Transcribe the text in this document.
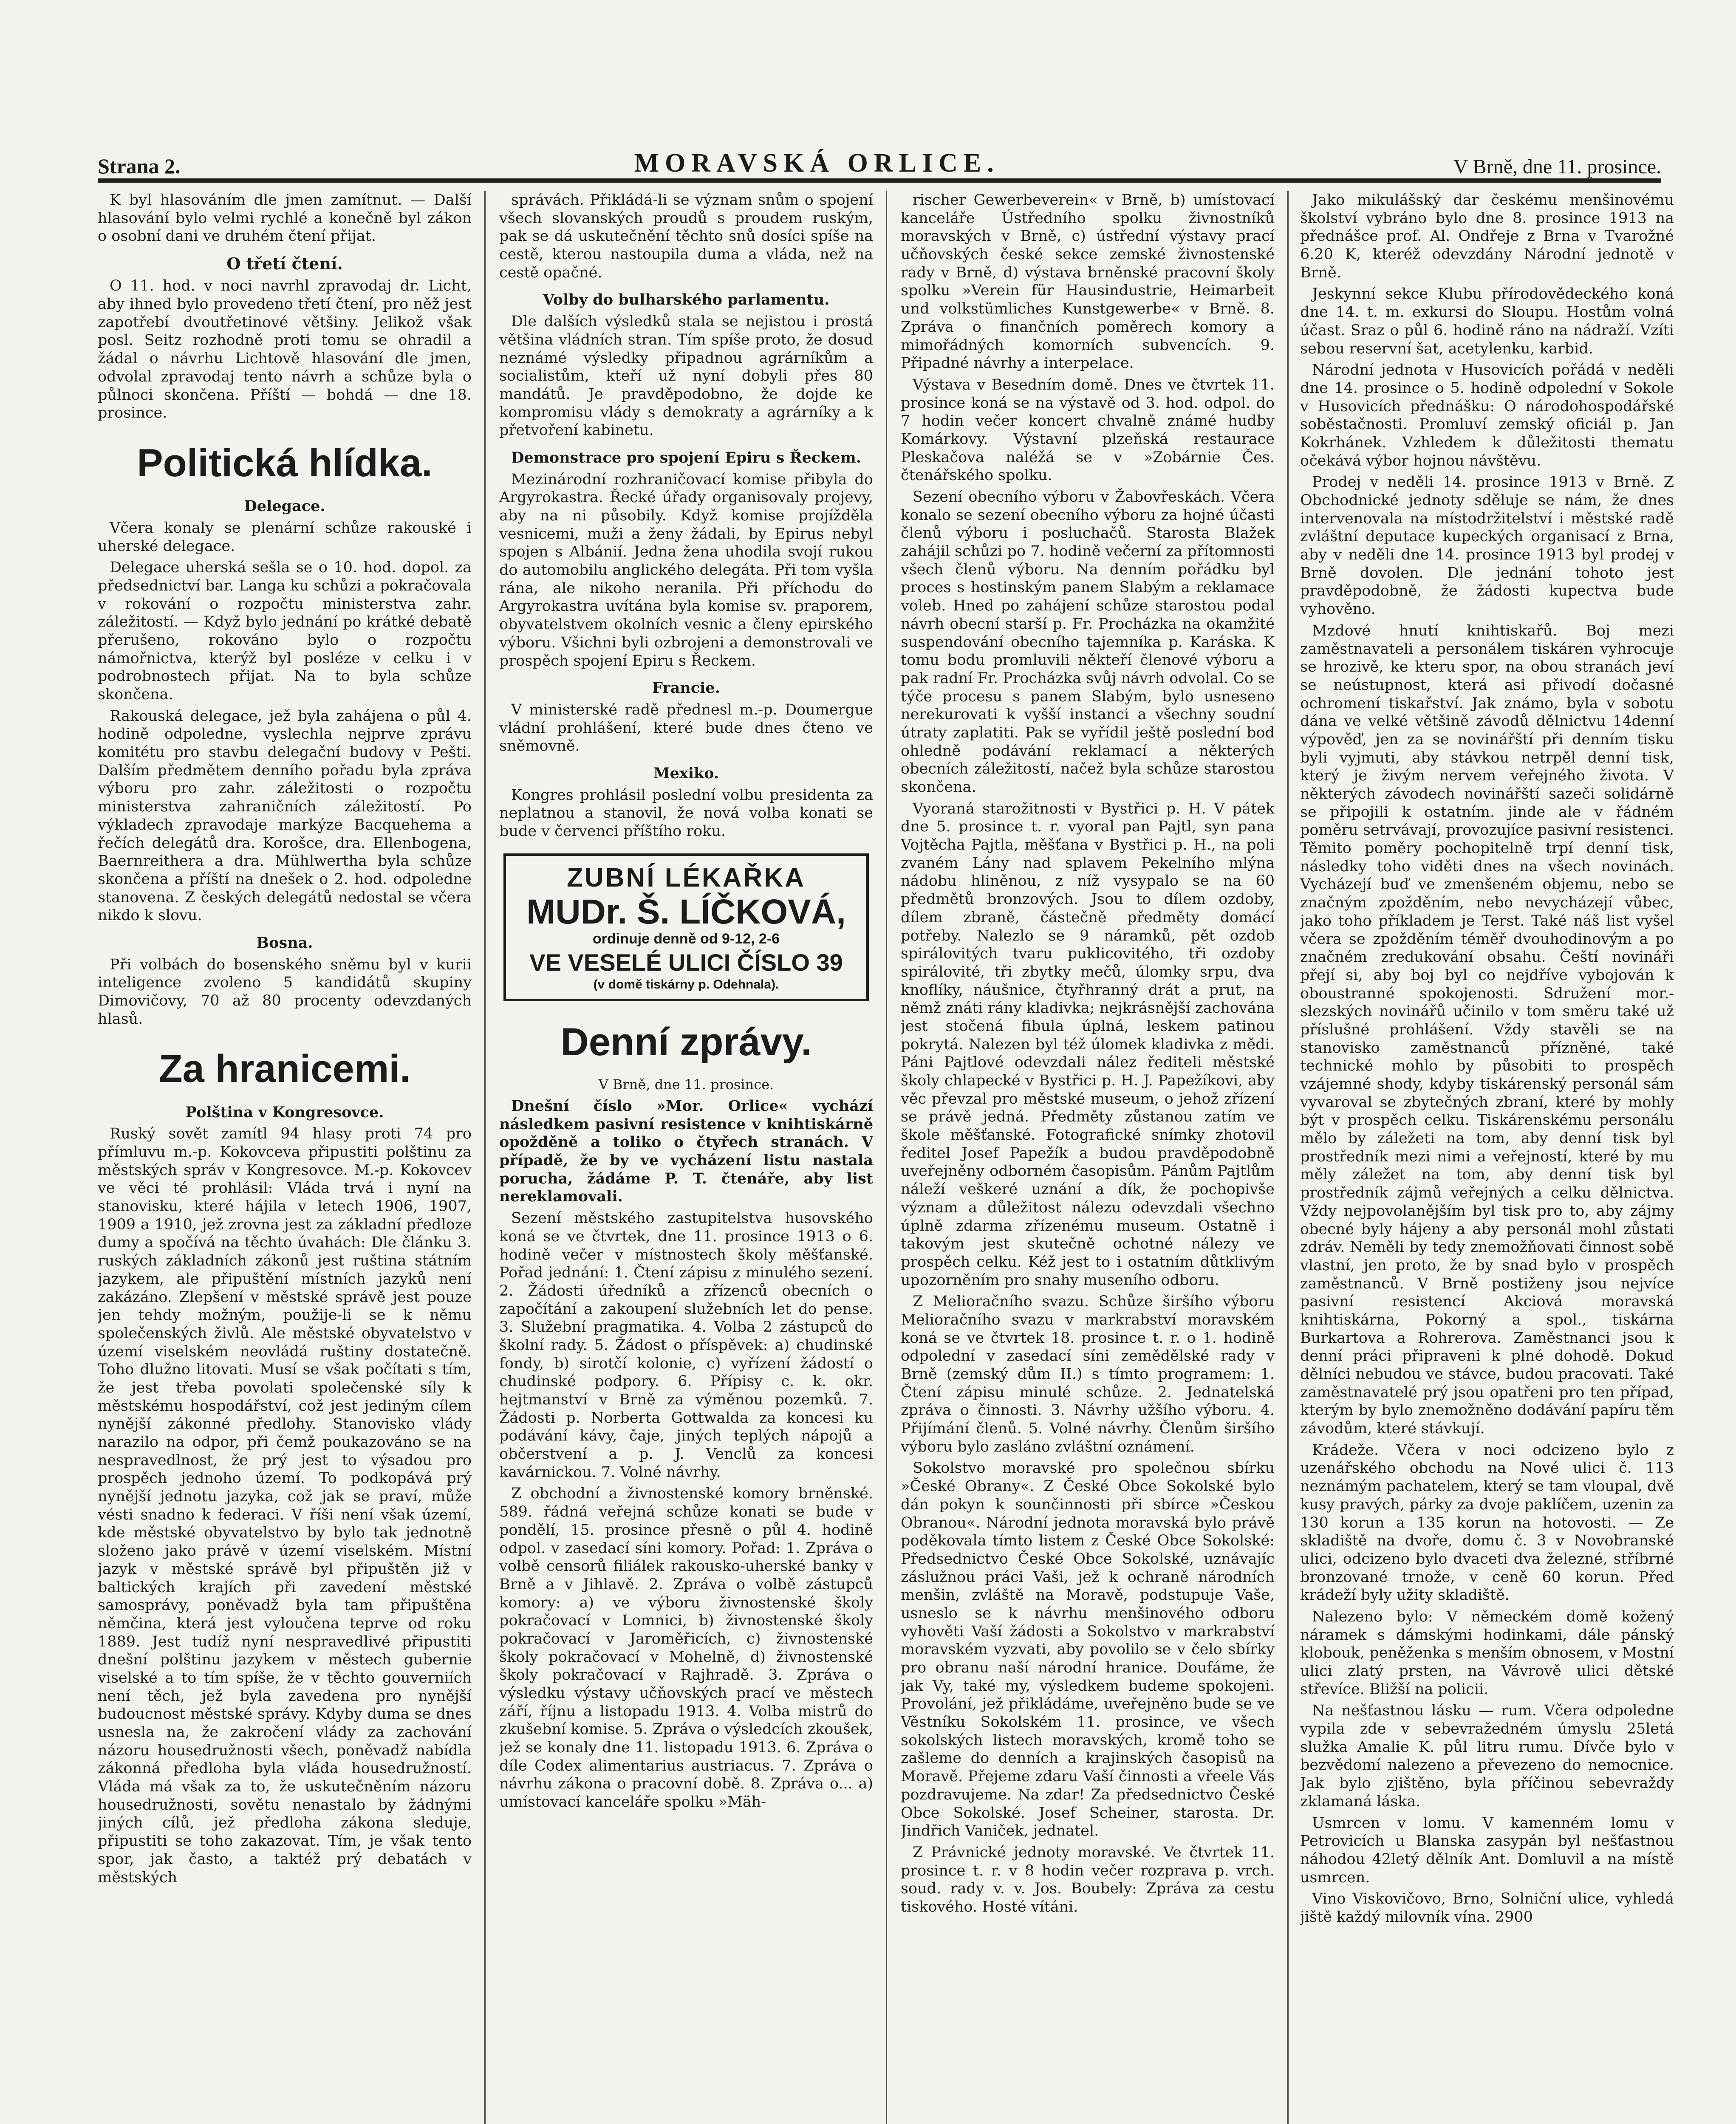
Strana 2.	MORAVSKÁ ORLICE.	V Brně, dne 11. prosince.

K byl hlasováním dle jmen zamítnut. — Další hlasování bylo velmi rychlé a konečně byl zákon o osobní dani ve druhém čtení přijat.

O třetí čtení.

O 11. hod. v noci navrhl zpravodaj dr. Licht, aby ihned bylo provedeno třetí čtení, pro něž jest zapotřebí dvoutřetinové většiny. Jelikož však posl. Seitz rozhodně proti tomu se ohradil a žádal o návrhu Lichtově hlasování dle jmen, odvolal zpravodaj tento návrh a schůze byla o půlnoci skončena. Příští — bohdá — dne 18. prosince.

Politická hlídka.
Delegace.

Včera konaly se plenární schůze rakouské i uherské delegace.

Delegace uherská sešla se o 10. hod. dopol. za předsednictví bar. Langa ku schůzi a pokračovala v rokování o rozpočtu ministerstva zahr. záležitostí. — Když bylo jednání po krátké debatě přerušeno, rokováno bylo o rozpočtu námořnictva, kterýž byl posléze v celku i v podrobnostech přijat. Na to byla schůze skončena.

Rakouská delegace, jež byla zahájena o půl 4. hodině odpoledne, vyslechla nejprve zprávu komitétu pro stavbu delegační budovy v Pešti. Dalším předmětem denního pořadu byla zpráva výboru pro zahr. záležitosti o rozpočtu ministerstva zahraničních záležitostí. Po výkladech zpravodaje markýze Bacquehema a řečích delegátů dra. Korošce, dra. Ellenbogena, Baernreithera a dra. Mühlwertha byla schůze skončena a příští na dnešek o 2. hod. odpoledne stanovena. Z českých delegátů nedostal se včera nikdo k slovu.

Bosna.

Při volbách do bosenského sněmu byl v kurii inteligence zvoleno 5 kandidátů skupiny Dimovičovy, 70 až 80 procenty odevzdaných hlasů.

Za hranicemi.
Polština v Kongresovce.

Ruský sovět zamítl 94 hlasy proti 74 pro přímluvu m.-p. Kokovceva připustiti polštinu za městských správ v Kongresovce. M.-p. Kokovcev ve věci té prohlásil: Vláda trvá i nyní na stanovisku, které hájila v letech 1906, 1907, 1909 a 1910, jež zrovna jest za základní předloze dumy a spočívá na těchto úvahách: Dle článku 3. ruských základních zákonů jest ruština státním jazykem, ale připuštění místních jazyků není zakázáno. Zlepšení v městské správě jest pouze jen tehdy možným, použije-li se k němu společenských živlů. Ale městské obyvatelstvo v území viselském neovládá ruštiny dostatečně. Toho dlužno litovati. Musí se však počítati s tím, že jest třeba povolati společenské síly k městskému hospodářství, což jest jediným cílem nynější zákonné předlohy. Stanovisko vlády narazilo na odpor, při čemž poukazováno se na nespravedlnost, že prý jest to výsadou pro prospěch jednoho území. To podkopává prý nynější jednotu jazyka, což jak se praví, může vésti snadno k federaci. V říši není však území, kde městské obyvatelstvo by bylo tak jednotně složeno jako právě v území viselském. Místní jazyk v městské správě byl připuštěn již v baltických krajích při zavedení městské samosprávy, poněvadž byla tam připuštěna němčina, která jest vyloučena teprve od roku 1889. Jest tudíž nyní nespravedlivé připustiti dnešní polštinu jazykem v městech gubernie viselské a to tím spíše, že v těchto gouverniích není těch, jež byla zavedena pro nynější budoucnost městské správy. Kdyby duma se dnes usnesla na, že zakročení vlády za zachování názoru housedružnosti všech, poněvadž nabídla zákonná předloha byla vláda housedružností. Vláda má však za to, že uskutečněním názoru housedružnosti, sovětu nenastalo by žádnými jiných cílů, jež předloha zákona sleduje, připustiti se toho zakazovat. Tím, je však tento spor, jak často, a taktéž prý debatách v městských

správách. Přikládá-li se význam snům o spojení všech slovanských proudů s proudem ruským, pak se dá uskutečnění těchto snů dosíci spíše na cestě, kterou nastoupila duma a vláda, než na cestě opačné.

Volby do bulharského parlamentu.

Dle dalších výsledků stala se nejistou i prostá většina vládních stran. Tím spíše proto, že dosud neznámé výsledky připadnou agrárníkům a socialistům, kteří už nyní dobyli přes 80 mandátů. Je pravděpodobno, že dojde ke kompromisu vlády s demokraty a agrárníky a k přetvoření kabinetu.

Demonstrace pro spojení Epiru s Řeckem.

Mezinárodní rozhraničovací komise přibyla do Argyrokastra. Řecké úřady organisovaly projevy, aby na ni působily. Když komise projížděla vesnicemi, muži a ženy žádali, by Epirus nebyl spojen s Albánií. Jedna žena uhodila svojí rukou do automobilu anglického delegáta. Při tom vyšla rána, ale nikoho neranila. Při příchodu do Argyrokastra uvítána byla komise sv. praporem, obyvatelstvem okolních vesnic a členy epirského výboru. Všichni byli ozbrojeni a demonstrovali ve prospěch spojení Epiru s Řeckem.

Francie.

V ministerské radě přednesl m.-p. Doumergue vládní prohlášení, které bude dnes čteno ve sněmovně.

Mexiko.

Kongres prohlásil poslední volbu presidenta za neplatnou a stanovil, že nová volba konati se bude v červenci příštího roku.

ZUBNÍ LÉKAŘKA
MUDr. Š. LÍČKOVÁ,
ordinuje denně od 9-12, 2-6
VE VESELÉ ULICI ČÍSLO 39
(v domě tiskárny p. Odehnala).
Denní zprávy.
V Brně, dne 11. prosince.

Dnešní číslo »Mor. Orlice« vychází následkem pasivní resistence v knihtiskárně opožděně a toliko o čtyřech stranách. V případě, že by ve vycházení listu nastala porucha, žádáme P. T. čtenáře, aby list nereklamovali.

Sezení městského zastupitelstva husovského koná se ve čtvrtek, dne 11. prosince 1913 o 6. hodině večer v místnostech školy měšťanské. Pořad jednání: 1. Čtení zápisu z minulého sezení. 2. Žádosti úředníků a zřízenců obecních o započítání a zakoupení služebních let do pense. 3. Služební pragmatika. 4. Volba 2 zástupců do školní rady. 5. Žádost o příspěvek: a) chudinské fondy, b) sirotčí kolonie, c) vyřízení žádostí o chudinské podpory. 6. Přípisy c. k. okr. hejtmanství v Brně za výměnou pozemků. 7. Žádosti p. Norberta Gottwalda za koncesi ku podávání kávy, čaje, jiných teplých nápojů a občerstvení a p. J. Venclů za koncesi kavárnickou. 7. Volné návrhy.

Z obchodní a živnostenské komory brněnské. 589. řádná veřejná schůze konati se bude v pondělí, 15. prosince přesně o půl 4. hodině odpol. v zasedací síni komory. Pořad: 1. Zpráva o volbě censorů filiálek rakousko-uherské banky v Brně a v Jihlavě. 2. Zpráva o volbě zástupců komory: a) ve výboru živnostenské školy pokračovací v Lomnici, b) živnostenské školy pokračovací v Jaroměřicích, c) živnostenské školy pokračovací v Mohelně, d) živnostenské školy pokračovací v Rajhradě. 3. Zpráva o výsledku výstavy učňovských prací ve městech září, říjnu a listopadu 1913. 4. Volba mistrů do zkušební komise. 5. Zpráva o výsledcích zkoušek, jež se konaly dne 11. listopadu 1913. 6. Zpráva o díle Codex alimentarius austriacus. 7. Zpráva o návrhu zákona o pracovní době. 8. Zpráva o... a) umístovací kanceláře spolku »Mäh-

rischer Gewerbeverein« v Brně, b) umístovací kanceláře Ústředního spolku živnostníků moravských v Brně, c) ústřední výstavy prací učňovských české sekce zemské živnostenské rady v Brně, d) výstava brněnské pracovní školy spolku »Verein für Hausindustrie, Heimarbeit und volkstümliches Kunstgewerbe« v Brně. 8. Zpráva o finančních poměrech komory a mimořádných komorních subvencích. 9. Připadné návrhy a interpelace.

Výstava v Besedním domě. Dnes ve čtvrtek 11. prosince koná se na výstavě od 3. hod. odpol. do 7 hodin večer koncert chvalně známé hudby Komárkovy. Výstavní plzeňská restaurace Pleskačova naléžá se v »Zobárnie Čes. čtenářského spolku.

Sezení obecního výboru v Žabovřeskách. Včera konalo se sezení obecního výboru za hojné účasti členů výboru i posluchačů. Starosta Blažek zahájil schůzi po 7. hodině večerní za přítomnosti všech členů výboru. Na denním pořádku byl proces s hostinským panem Slabým a reklamace voleb. Hned po zahájení schůze starostou podal návrh obecní starší p. Fr. Procházka na okamžité suspendování obecního tajemníka p. Karáska. K tomu bodu promluvili někteří členové výboru a pak radní Fr. Procházka svůj návrh odvolal. Co se týče procesu s panem Slabým, bylo usneseno nerekurovati k vyšší instanci a všechny soudní útraty zaplatiti. Pak se vyřídil ještě poslední bod ohledně podávání reklamací a některých obecních záležitostí, načež byla schůze starostou skončena.

Vyoraná starožitnosti v Bystřici p. H. V pátek dne 5. prosince t. r. vyoral pan Pajtl, syn pana Vojtěcha Pajtla, měšťana v Bystřici p. H., na poli zvaném Lány nad splavem Pekelního mlýna nádobu hliněnou, z níž vysypalo se na 60 předmětů bronzových. Jsou to dílem ozdoby, dílem zbraně, částečně předměty domácí potřeby. Nalezlo se 9 náramků, pět ozdob spirálovitých tvaru puklicovitého, tři ozdoby spirálovité, tři zbytky mečů, úlomky srpu, dva knoflíky, náušnice, čtyřhranný drát a prut, na němž znáti rány kladivka; nejkrásnější zachována jest stočená fibula úplná, leskem patinou pokrytá. Nalezen byl též úlomek kladivka z mědi. Páni Pajtlové odevzdali nález řediteli městské školy chlapecké v Bystřici p. H. J. Papežíkovi, aby věc převzal pro městské museum, o jehož zřízení se právě jedná. Předměty zůstanou zatím ve škole měšťanské. Fotografické snímky zhotovil ředitel Josef Papežík a budou pravděpodobně uveřejněny odborném časopisům. Pánům Pajtlům náleží veškeré uznání a dík, že pochopivše význam a důležitost nálezu odevzdali všechno úplně zdarma zřízenému museum. Ostatně i takovým jest skutečně ochotné nálezy ve prospěch celku. Kéž jest to i ostatním důtklivým upozorněním pro snahy museního odboru.

Z Melioračního svazu. Schůze širšího výboru Melioračního svazu v markrabství moravském koná se ve čtvrtek 18. prosince t. r. o 1. hodině odpolední v zasedací síni zemědělské rady v Brně (zemský dům II.) s tímto programem: 1. Čtení zápisu minulé schůze. 2. Jednatelská zpráva o činnosti. 3. Návrhy užšího výboru. 4. Přijímání členů. 5. Volné návrhy. Členům širšího výboru bylo zasláno zvláštní oznámení.

Sokolstvo moravské pro společnou sbírku »České Obrany«. Z České Obce Sokolské bylo dán pokyn k sounčinnosti při sbírce »Českou Obranou«. Národní jednota moravská bylo právě poděkovala tímto listem z České Obce Sokolské: Předsednictvo České Obce Sokolské, uznávajíc záslužnou práci Vaši, jež k ochraně národních menšin, zvláště na Moravě, podstupuje Vaše, usneslo se k návrhu menšinového odboru vyhověti Vaší žádosti a Sokolstvo v markrabství moravském vyzvati, aby povolilo se v čelo sbírky pro obranu naší národní hranice. Doufáme, že jak Vy, také my, výsledkem budeme spokojeni. Provolání, jež přikládáme, uveřejněno bude se ve Věstníku Sokolském 11. prosince, ve všech sokolských listech moravských, kromě toho se zašleme do denních a krajinských časopisů na Moravě. Přejeme zdaru Vaší činnosti a vřeele Vás pozdravujeme. Na zdar! Za předsednictvo České Obce Sokolské. Josef Scheiner, starosta. Dr. Jindřich Vaniček, jednatel.

Z Právnické jednoty moravské. Ve čtvrtek 11. prosince t. r. v 8 hodin večer rozprava p. vrch. soud. rady v. v. Jos. Boubely: Zpráva za cestu tiskového. Hosté vítáni.

Jako mikulášský dar českému menšinovému školství vybráno bylo dne 8. prosince 1913 na přednášce prof. Al. Ondřeje z Brna v Tvarožné 6.20 K, kteréž odevzdány Národní jednotě v Brně.

Jeskynní sekce Klubu přírodovědeckého koná dne 14. t. m. exkursi do Sloupu. Hostům volná účast. Sraz o půl 6. hodině ráno na nádraží. Vzíti sebou reservní šat, acetylenku, karbid.

Národní jednota v Husovicích pořádá v neděli dne 14. prosince o 5. hodině odpolední v Sokole v Husovicích přednášku: O národohospodářské soběstačnosti. Promluví zemský oficiál p. Jan Kokrhánek. Vzhledem k důležitosti thematu očekává výbor hojnou návštěvu.

Prodej v neděli 14. prosince 1913 v Brně. Z Obchodnické jednoty sděluje se nám, že dnes intervenovala na místodržitelství i městské radě zvláštní deputace kupeckých organisací z Brna, aby v neděli dne 14. prosince 1913 byl prodej v Brně dovolen. Dle jednání tohoto jest pravděpodobně, že žádosti kupectva bude vyhověno.

Mzdové hnutí knihtiskařů. Boj mezi zaměstnavateli a personálem tiskáren vyhrocuje se hrozivě, ke kteru spor, na obou stranách jeví se neústupnost, která asi přivodí dočasné ochromení tiskařství. Jak známo, byla v sobotu dána ve velké většině závodů dělnictvu 14denní výpověď, jen za se novinářští při denním tisku byli vyjmuti, aby stávkou netrpěl denní tisk, který je živým nervem veřejného života. V některých závodech novinářští sazeči solidárně se připojili k ostatním. jinde ale v řádném poměru setrvávají, provozujíce pasivní resistenci. Těmito poměry pochopitelně trpí denní tisk, následky toho viděti dnes na všech novinách. Vycházejí buď ve zmenšeném objemu, nebo se značným zpožděním, nebo nevycházejí vůbec, jako toho příkladem je Terst. Také náš list vyšel včera se zpožděním téměř dvouhodinovým a po značném zredukování obsahu. Čeští novináři přejí si, aby boj byl co nejdříve vybojován k oboustranné spokojenosti. Sdružení mor.-slezských novinářů učinilo v tom směru také už příslušné prohlášení. Vždy stavěli se na stanovisko zaměstnanců přízněné, také technické mohlo by působiti to prospěch vzájemné shody, kdyby tiskárenský personál sám vyvaroval se zbytečných zbraní, které by mohly být v prospěch celku. Tiskárenskému personálu mělo by záležeti na tom, aby denní tisk byl prostředník mezi nimi a veřejností, které by mu měly záležet na tom, aby denní tisk byl prostředník zájmů veřejných a celku dělnictva. Vždy nejpovolanějším byl tisk pro to, aby zájmy obecné byly hájeny a aby personál mohl zůstati zdráv. Neměli by tedy znemožňovati činnost sobě vlastní, jen proto, že by snad bylo v prospěch zaměstnanců. V Brně postiženy jsou nejvíce pasivní resistencí Akciová moravská knihtiskárna, Pokorný a spol., tiskárna Burkartova a Rohrerova. Zaměstnanci jsou k denní práci připraveni k plné dohodě. Dokud dělníci nebudou ve stávce, budou pracovati. Také zaměstnavatelé prý jsou opatřeni pro ten případ, kterým by bylo znemožněno dodávání papíru těm závodům, které stávkují.

Krádeže. Včera v noci odcizeno bylo z uzenářského obchodu na Nové ulici č. 113 neznámým pachatelem, který se tam vloupal, dvě kusy pravých, párky za dvoje paklíčem, uzenin za 130 korun a 135 korun na hotovosti. — Ze skladiště na dvoře, domu č. 3 v Novobranské ulici, odcizeno bylo dvaceti dva železné, stříbrné bronzované trnože, v ceně 60 korun. Před krádeží byly užity skladiště.

Nalezeno bylo: V německém domě kožený náramek s dámskými hodinkami, dále pánský klobouk, peněženka s menším obnosem, v Mostní ulici zlatý prsten, na Vávrově ulici dětské střevíce. Bližší na policii.

Na nešťastnou lásku — rum. Včera odpoledne vypila zde v sebevražedném úmyslu 25letá služka Amalie K. půl litru rumu. Dívče bylo v bezvědomí nalezeno a převezeno do nemocnice. Jak bylo zjištěno, byla příčinou sebevraždy zklamaná láska.

Usmrcen v lomu. V kamenném lomu v Petrovicích u Blanska zasypán byl nešťastnou náhodou 42letý dělník Ant. Domluvil a na místě usmrcen.

Vino Viskovičovo, Brno, Solniční ulice, vyhledá jiště každý milovník vína. 2900
